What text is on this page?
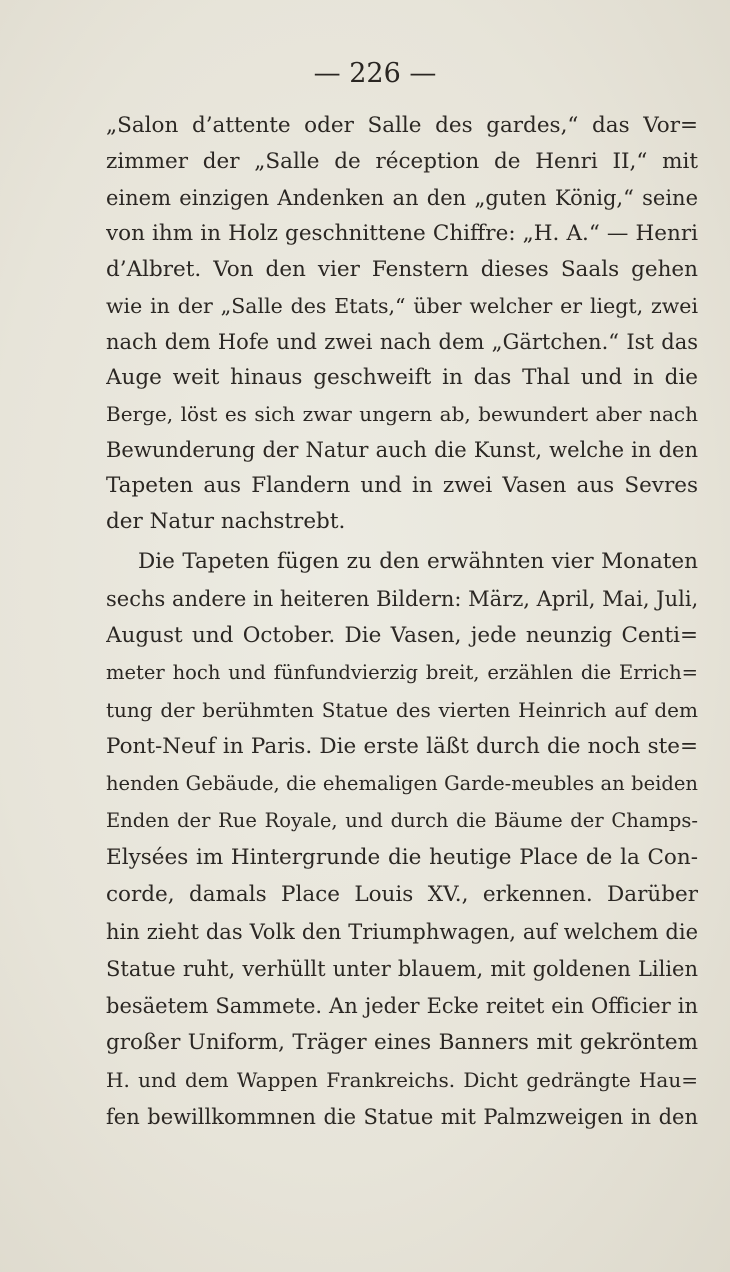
— 226 —
„Salon d’attente oder Salle des gardes,“ das Vor=
zimmer der „Salle de réception de Henri II,“ mit
einem einzigen Andenken an den „guten König,“ seine
von ihm in Holz geschnittene Chiffre: „H. A.“ — Henri
d’Albret. Von den vier Fenstern dieses Saals gehen
wie in der „Salle des Etats,“ über welcher er liegt, zwei
nach dem Hofe und zwei nach dem „Gärtchen.“ Ist das
Auge weit hinaus geschweift in das Thal und in die
Berge, löst es sich zwar ungern ab, bewundert aber nach
Bewunderung der Natur auch die Kunst, welche in den
Tapeten aus Flandern und in zwei Vasen aus Sevres
der Natur nachstrebt.
Die Tapeten fügen zu den erwähnten vier Monaten
sechs andere in heiteren Bildern: März, April, Mai, Juli,
August und October. Die Vasen, jede neunzig Centi=
meter hoch und fünfundvierzig breit, erzählen die Errich=
tung der berühmten Statue des vierten Heinrich auf dem
Pont-Neuf in Paris. Die erste läßt durch die noch ste=
henden Gebäude, die ehemaligen Garde-meubles an beiden
Enden der Rue Royale, und durch die Bäume der Champs-
Elysées im Hintergrunde die heutige Place de la Con-
corde, damals Place Louis XV., erkennen. Darüber
hin zieht das Volk den Triumphwagen, auf welchem die
Statue ruht, verhüllt unter blauem, mit goldenen Lilien
besäetem Sammete. An jeder Ecke reitet ein Officier in
großer Uniform, Träger eines Banners mit gekröntem
H. und dem Wappen Frankreichs. Dicht gedrängte Hau=
fen bewillkommnen die Statue mit Palmzweigen in den
